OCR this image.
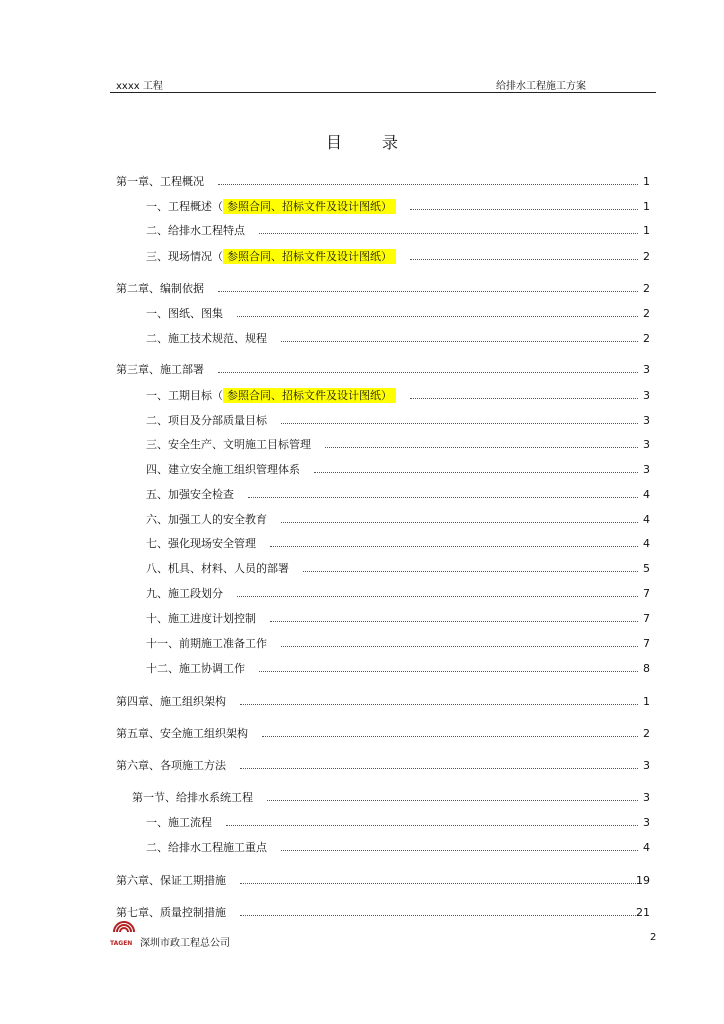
xxxx 工程	给排水工程施工方案
目录
第一章、工程概况	1
一、工程概述（ 参照合同、招标文件及设计图纸）	1
二、给排水工程特点	1
三、现场情况（ 参照合同、招标文件及设计图纸）	2
第二章、编制依据	2
一、图纸、图集	2
二、施工技术规范、规程	2
第三章、施工部署	3
一、工期目标（ 参照合同、招标文件及设计图纸）	3
二、项目及分部质量目标	3
三、安全生产、文明施工目标管理	3
四、建立安全施工组织管理体系	3
五、加强安全检查	4
六、加强工人的安全教育	4
七、强化现场安全管理	4
八、机具、材料、人员的部署	5
九、施工段划分	7
十、施工进度计划控制	7
十一、前期施工准备工作	7
十二、施工协调工作	8
第四章、施工组织架构	1
第五章、安全施工组织架构	2
第六章、各项施工方法	3
第一节、给排水系统工程	3
一、施工流程	3
二、给排水工程施工重点	4
第六章、保证工期措施	19
第七章、质量控制措施	21
TAGEN 深圳市政工程总公司
2
